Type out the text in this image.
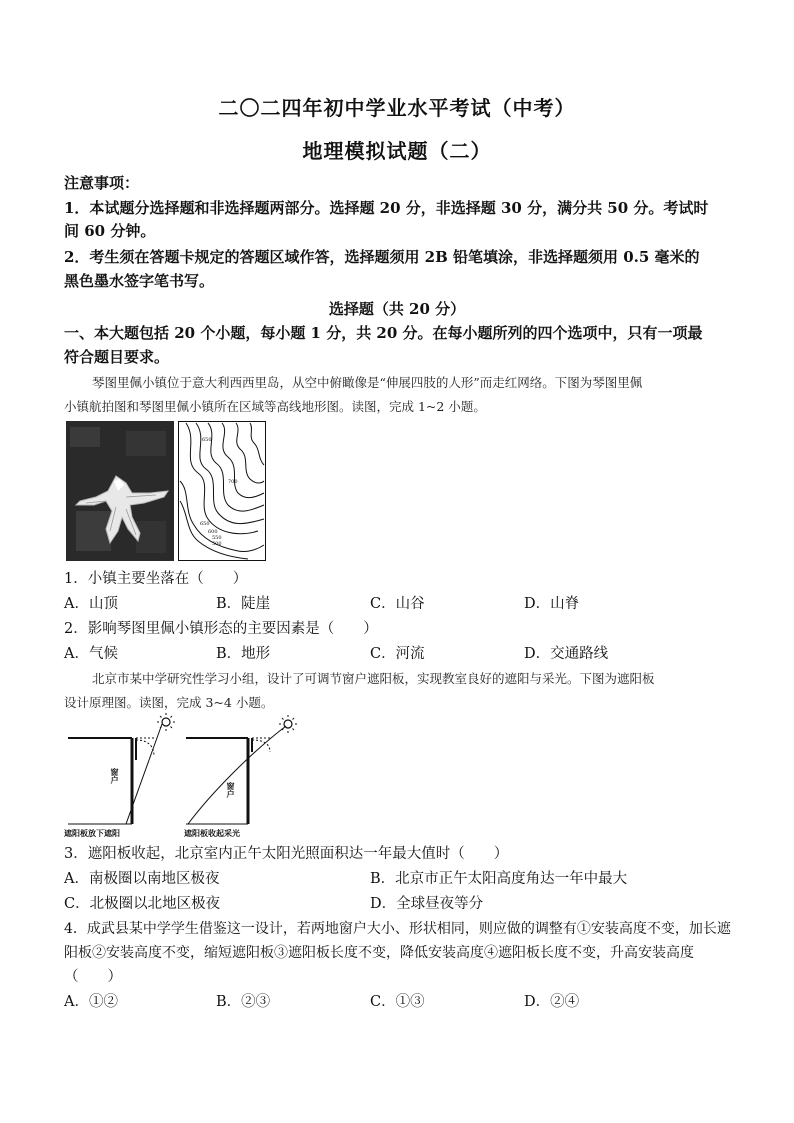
二〇二四年初中学业水平考试（中考）
地理模拟试题（二）
注意事项：
1．本试题分选择题和非选择题两部分。选择题 20 分，非选择题 30 分，满分共 50 分。考试时
间 60 分钟。
2．考生须在答题卡规定的答题区域作答，选择题须用 2B 铅笔填涂，非选择题须用 0.5 毫米的
黑色墨水签字笔书写。
选择题（共 20 分）
一、本大题包括 20 个小题，每小题 1 分，共 20 分。在每小题所列的四个选项中，只有一项最
符合题目要求。
琴图里佩小镇位于意大利西西里岛，从空中俯瞰像是“伸展四肢的人形”而走红网络。下图为琴图里佩
小镇航拍图和琴图里佩小镇所在区域等高线地形图。读图，完成 1~2 小题。
650
700
650
600
550
500
1．小镇主要坐落在（　　）
A．山顶	B．陡崖	C．山谷	D．山脊
2．影响琴图里佩小镇形态的主要因素是（　　）
A．气候	B．地形	C．河流	D．交通路线
北京市某中学研究性学习小组，设计了可调节窗户遮阳板，实现教室良好的遮阳与采光。下图为遮阳板
设计原理图。读图，完成 3~4 小题。
窗户
遮阳板放下遮阳
窗户
遮阳板收起采光
3．遮阳板收起，北京室内正午太阳光照面积达一年最大值时（　　）
A．南极圈以南地区极夜	B．北京市正午太阳高度角达一年中最大
C．北极圈以北地区极夜	D．全球昼夜等分
4．成武县某中学学生借鉴这一设计，若两地窗户大小、形状相同，则应做的调整有①安装高度不变，加长遮
阳板②安装高度不变，缩短遮阳板③遮阳板长度不变，降低安装高度④遮阳板长度不变，升高安装高度
（　　）
A．①②	B．②③	C．①③	D．②④
